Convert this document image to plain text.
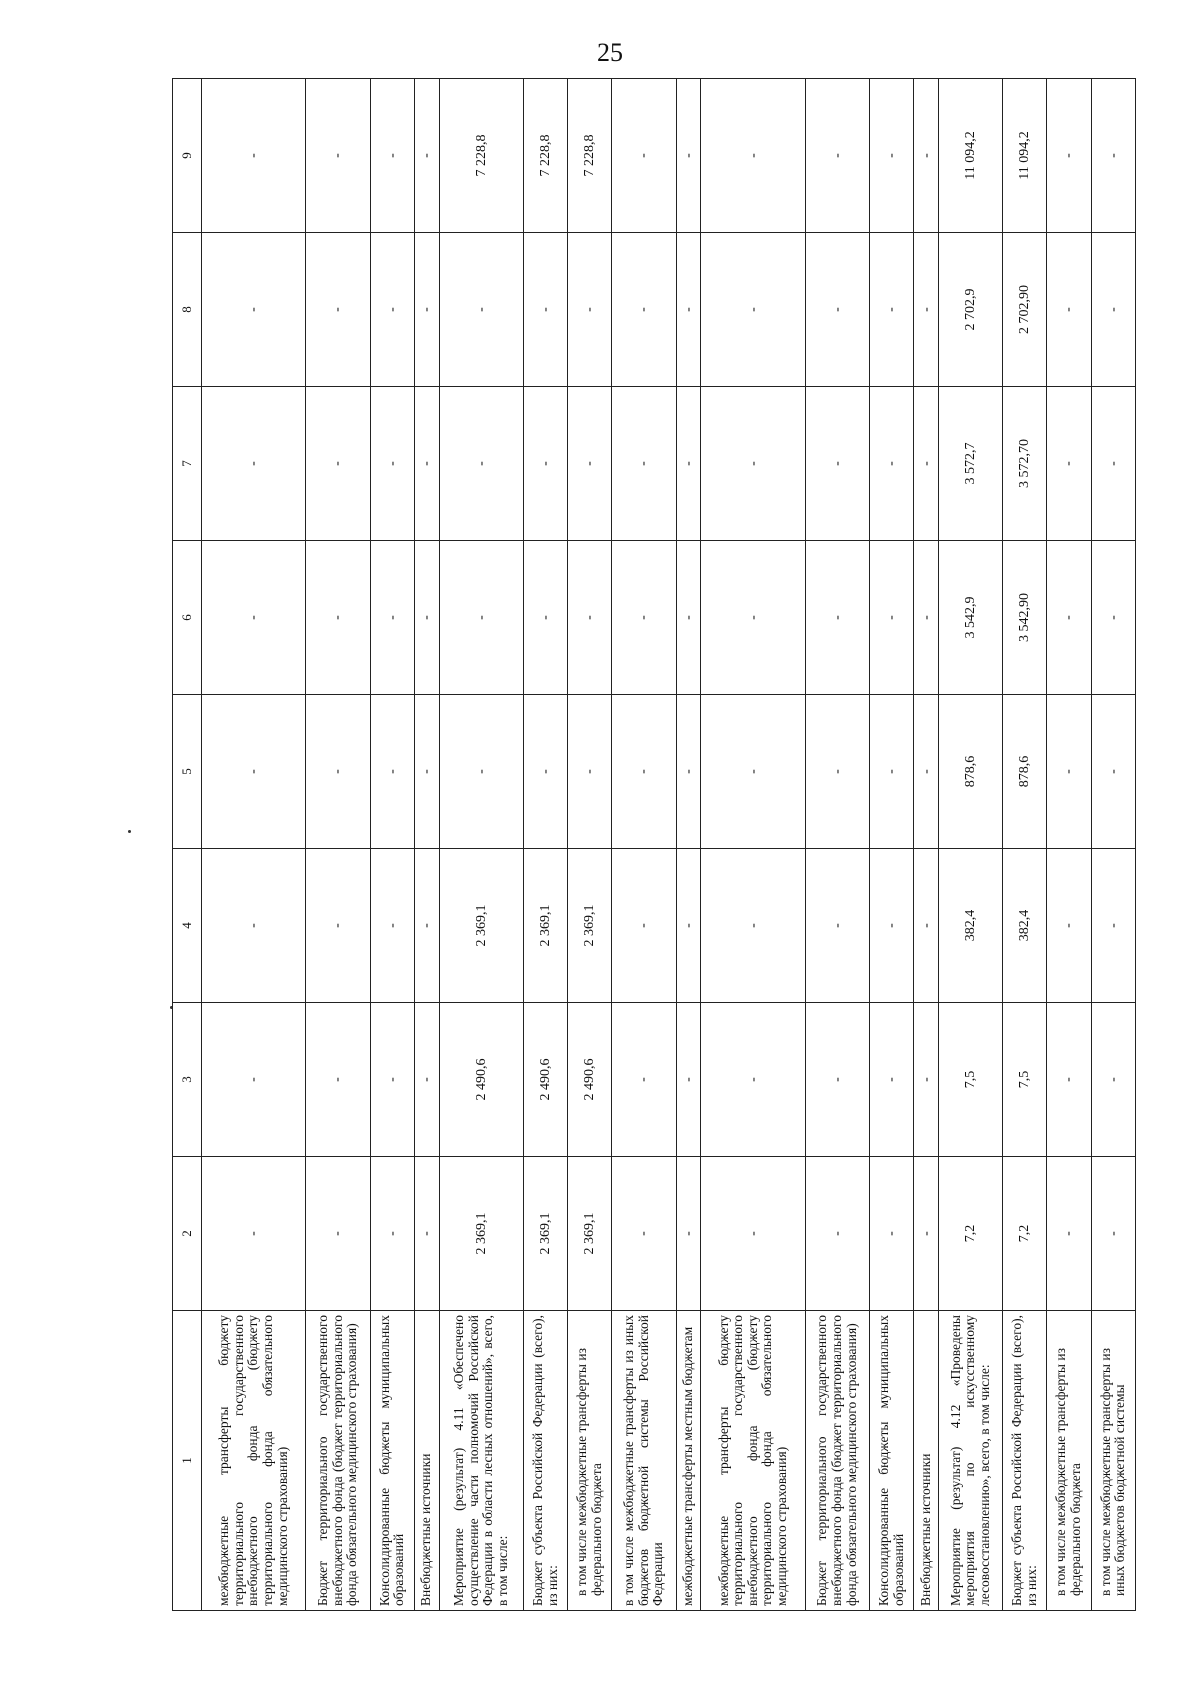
25
1	2	3	4	5	6	7	8	9
межбюджетные трансферты бюджету территориального государственного внебюджетного фонда (бюджету территориального фонда обязательного медицинского страхования)	-	-	-	-	-	-	-	-
Бюджет территориального государственного внебюджетного фонда (бюджет территориального фонда обязательного медицинского страхования)	-	-	-	-	-	-	-	-
Консолидированные бюджеты муниципальных образований	-	-	-	-	-	-	-	-
Внебюджетные источники	-	-	-	-	-	-	-	-
Мероприятие (результат) 4.11 «Обеспечено осуществление части полномочий Российской Федерации в области лесных отношений», всего, в том числе:	2 369,1	2 490,6	2 369,1	-	-	-	-	7 228,8
Бюджет субъекта Российской Федерации (всего), из них:	2 369,1	2 490,6	2 369,1	-	-	-	-	7 228,8
в том числе межбюджетные трансферты из федерального бюджета	2 369,1	2 490,6	2 369,1	-	-	-	-	7 228,8
в том числе межбюджетные трансферты из иных бюджетов бюджетной системы Российской Федерации	-	-	-	-	-	-	-	-
межбюджетные трансферты местным бюджетам	-	-	-	-	-	-	-	-
межбюджетные трансферты бюджету территориального государственного внебюджетного фонда (бюджету территориального фонда обязательного медицинского страхования)	-	-	-	-	-	-	-	-
Бюджет территориального государственного внебюджетного фонда (бюджет территориального фонда обязательного медицинского страхования)	-	-	-	-	-	-	-	-
Консолидированные бюджеты муниципальных образований	-	-	-	-	-	-	-	-
Внебюджетные источники	-	-	-	-	-	-	-	-
Мероприятие (результат) 4.12 «Проведены мероприятия по искусственному лесовосстановлению», всего, в том числе:	7,2	7,5	382,4	878,6	3 542,9	3 572,7	2 702,9	11 094,2
Бюджет субъекта Российской Федерации (всего), из них:	7,2	7,5	382,4	878,6	3 542,90	3 572,70	2 702,90	11 094,2
в том числе межбюджетные трансферты из федерального бюджета	-	-	-	-	-	-	-	-
в том числе межбюджетные трансферты из иных бюджетов бюджетной системы	-	-	-	-	-	-	-	-
